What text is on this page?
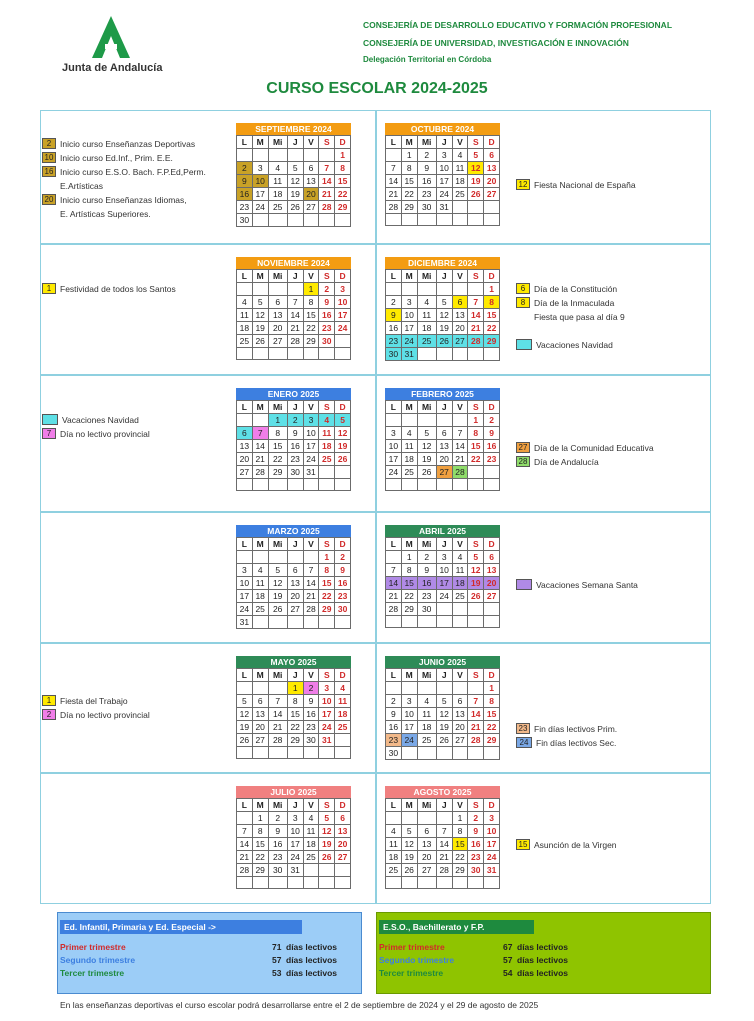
Junta de Andalucía
CONSEJERÍA DE DESARROLLO EDUCATIVO Y FORMACIÓN PROFESIONAL
CONSEJERÍA DE UNIVERSIDAD, INVESTIGACIÓN E INNOVACIÓN
Delegación Territorial en Córdoba
CURSO ESCOLAR 2024-2025
SEPTIEMBRE 2024
L	M	Mi	J	V	S	D
						1
2	3	4	5	6	7	8
9	10	11	12	13	14	15
16	17	18	19	20	21	22
23	24	25	26	27	28	29
30						
OCTUBRE 2024
L	M	Mi	J	V	S	D
	1	2	3	4	5	6
7	8	9	10	11	12	13
14	15	16	17	18	19	20
21	22	23	24	25	26	27
28	29	30	31			

NOVIEMBRE 2024
L	M	Mi	J	V	S	D
				1	2	3
4	5	6	7	8	9	10
11	12	13	14	15	16	17
18	19	20	21	22	23	24
25	26	27	28	29	30	

DICIEMBRE 2024
L	M	Mi	J	V	S	D
						1
2	3	4	5	6	7	8
9	10	11	12	13	14	15
16	17	18	19	20	21	22
23	24	25	26	27	28	29
30	31					
ENERO 2025
L	M	Mi	J	V	S	D
		1	2	3	4	5
6	7	8	9	10	11	12
13	14	15	16	17	18	19
20	21	22	23	24	25	26
27	28	29	30	31		

FEBRERO 2025
L	M	Mi	J	V	S	D
					1	2
3	4	5	6	7	8	9
10	11	12	13	14	15	16
17	18	19	20	21	22	23
24	25	26	27	28		

MARZO 2025
L	M	Mi	J	V	S	D
					1	2
3	4	5	6	7	8	9
10	11	12	13	14	15	16
17	18	19	20	21	22	23
24	25	26	27	28	29	30
31						
ABRIL 2025
L	M	Mi	J	V	S	D
	1	2	3	4	5	6
7	8	9	10	11	12	13
14	15	16	17	18	19	20
21	22	23	24	25	26	27
28	29	30				

MAYO 2025
L	M	Mi	J	V	S	D
			1	2	3	4
5	6	7	8	9	10	11
12	13	14	15	16	17	18
19	20	21	22	23	24	25
26	27	28	29	30	31	

JUNIO 2025
L	M	Mi	J	V	S	D
						1
2	3	4	5	6	7	8
9	10	11	12	13	14	15
16	17	18	19	20	21	22
23	24	25	26	27	28	29
30						
JULIO 2025
L	M	Mi	J	V	S	D
	1	2	3	4	5	6
7	8	9	10	11	12	13
14	15	16	17	18	19	20
21	22	23	24	25	26	27
28	29	30	31			

AGOSTO 2025
L	M	Mi	J	V	S	D
				1	2	3
4	5	6	7	8	9	10
11	12	13	14	15	16	17
18	19	20	21	22	23	24
25	26	27	28	29	30	31

2 Inicio curso Enseñanzas Deportivas
10 Inicio curso Ed.Inf., Prim. E.E.
16 Inicio curso E.S.O. Bach. F.P.Ed,Perm.
E.Artísticas
20 Inicio curso Enseñanzas Idiomas,
E. Artísticas Superiores.
12 Fiesta Nacional de España
1 Festividad de todos los Santos	6 Día de la Constitución
8 Día de la Inmaculada
Fiesta que pasa al día 9
Vacaciones Navidad
Vacaciones Navidad
7 Día no lectivo provincial
27 Día de la Comunidad Educativa
28 Día de Andalucía
Vacaciones Semana Santa
1 Fiesta del Trabajo
2 Día no lectivo provincial
23 Fin días lectivos Prim.
24 Fin días lectivos Sec.
15 Asunción de la Virgen
Ed. Infantil, Primaria y Ed. Especial ->
Primer trimestre	71 días lectivos
Segundo trimestre	57 días lectivos
Tercer trimestre	53 días lectivos
E.S.O., Bachillerato y F.P.
Primer trimestre	67 días lectivos
Segundo trimestre	57 días lectivos
Tercer trimestre	54 días lectivos
En las enseñanzas deportivas el curso escolar podrá desarrollarse entre el 2 de septiembre de 2024 y el 29 de agosto de 2025
